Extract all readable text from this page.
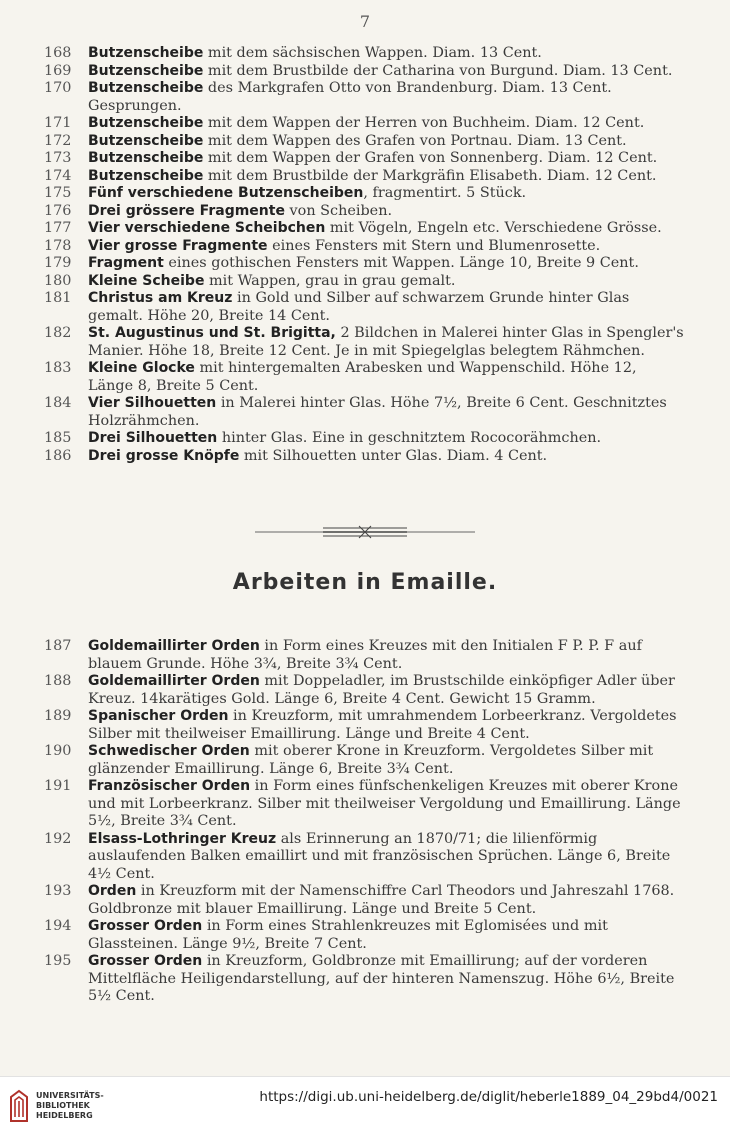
7
168 Butzenscheibe mit dem sächsischen Wappen. Diam. 13 Cent.
169 Butzenscheibe mit dem Brustbilde der Catharina von Burgund. Diam. 13 Cent.
170 Butzenscheibe des Markgrafen Otto von Brandenburg. Diam. 13 Cent. Gesprungen.
171 Butzenscheibe mit dem Wappen der Herren von Buchheim. Diam. 12 Cent.
172 Butzenscheibe mit dem Wappen des Grafen von Portnau. Diam. 13 Cent.
173 Butzenscheibe mit dem Wappen der Grafen von Sonnenberg. Diam. 12 Cent.
174 Butzenscheibe mit dem Brustbilde der Markgräfin Elisabeth. Diam. 12 Cent.
175 Fünf verschiedene Butzenscheiben, fragmentirt. 5 Stück.
176 Drei grössere Fragmente von Scheiben.
177 Vier verschiedene Scheibchen mit Vögeln, Engeln etc. Verschiedene Grösse.
178 Vier grosse Fragmente eines Fensters mit Stern und Blumenrosette.
179 Fragment eines gothischen Fensters mit Wappen. Länge 10, Breite 9 Cent.
180 Kleine Scheibe mit Wappen, grau in grau gemalt.
181 Christus am Kreuz in Gold und Silber auf schwarzem Grunde hinter Glas gemalt. Höhe 20, Breite 14 Cent.
182 St. Augustinus und St. Brigitta, 2 Bildchen in Malerei hinter Glas in Spengler's Manier. Höhe 18, Breite 12 Cent. Je in mit Spiegelglas belegtem Rähmchen.
183 Kleine Glocke mit hintergemalten Arabesken und Wappenschild. Höhe 12, Länge 8, Breite 5 Cent.
184 Vier Silhouetten in Malerei hinter Glas. Höhe 7½, Breite 6 Cent. Geschnitztes Holzrähmchen.
185 Drei Silhouetten hinter Glas. Eine in geschnitztem Rococorähmchen.
186 Drei grosse Knöpfe mit Silhouetten unter Glas. Diam. 4 Cent.
Arbeiten in Emaille.
187 Goldemaillirter Orden in Form eines Kreuzes mit den Initialen F P. P. F auf blauem Grunde. Höhe 3¾, Breite 3¾ Cent.
188 Goldemaillirter Orden mit Doppeladler, im Brustschilde einköpfiger Adler über Kreuz. 14karätiges Gold. Länge 6, Breite 4 Cent. Gewicht 15 Gramm.
189 Spanischer Orden in Kreuzform, mit umrahmendem Lorbeerkranz. Vergoldetes Silber mit theilweiser Emaillirung. Länge und Breite 4 Cent.
190 Schwedischer Orden mit oberer Krone in Kreuzform. Vergoldetes Silber mit glänzender Emaillirung. Länge 6, Breite 3¾ Cent.
191 Französischer Orden in Form eines fünfschenkeligen Kreuzes mit oberer Krone und mit Lorbeerkranz. Silber mit theilweiser Vergoldung und Emaillirung. Länge 5½, Breite 3¾ Cent.
192 Elsass-Lothringer Kreuz als Erinnerung an 1870/71; die lilienförmig auslaufenden Balken emaillirt und mit französischen Sprüchen. Länge 6, Breite 4½ Cent.
193 Orden in Kreuzform mit der Namenschiffre Carl Theodors und Jahreszahl 1768. Goldbronze mit blauer Emaillirung. Länge und Breite 5 Cent.
194 Grosser Orden in Form eines Strahlenkreuzes mit Eglomisées und mit Glassteinen. Länge 9½, Breite 7 Cent.
195 Grosser Orden in Kreuzform, Goldbronze mit Emaillirung; auf der vorderen Mittelfläche Heiligendarstellung, auf der hinteren Namenszug. Höhe 6½, Breite 5½ Cent.
UNIVERSITÄTS-
BIBLIOTHEK
HEIDELBERG
https://digi.ub.uni-heidelberg.de/diglit/heberle1889_04_29bd4/0021
